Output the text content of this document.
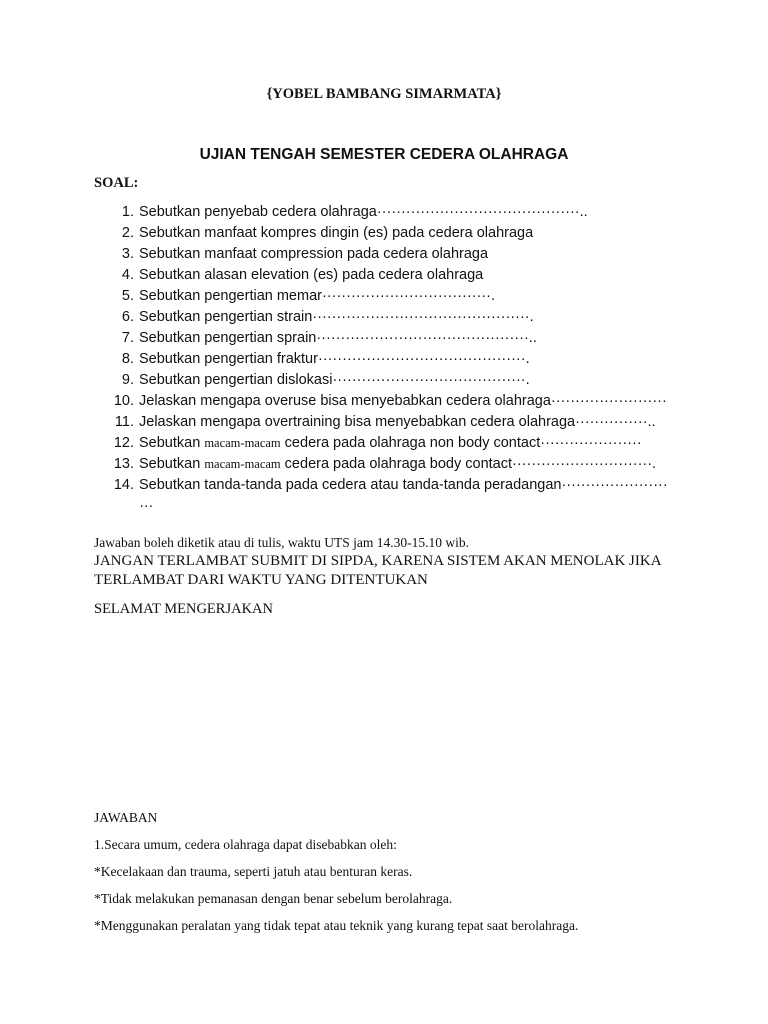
{YOBEL BAMBANG SIMARMATA}
UJIAN TENGAH SEMESTER CEDERA OLAHRAGA
SOAL:
1. Sebutkan penyebab cedera olahraga··········································..
2. Sebutkan manfaat kompres dingin (es) pada cedera olahraga
3. Sebutkan manfaat compression pada cedera olahraga
4. Sebutkan alasan elevation (es) pada cedera olahraga
5. Sebutkan pengertian memar···································.
6. Sebutkan pengertian strain·············································.
7. Sebutkan pengertian sprain············································..
8. Sebutkan pengertian fraktur···········································.
9. Sebutkan pengertian dislokasi········································.
10. Jelaskan mengapa overuse bisa menyebabkan cedera olahraga························
11. Jelaskan mengapa overtraining bisa menyebabkan cedera olahraga···············..
12. Sebutkan macam-macam cedera pada olahraga non body contact·····················
13. Sebutkan macam-macam cedera pada olahraga body contact·····························.
14. Sebutkan tanda-tanda pada cedera atau tanda-tanda peradangan······················
…
Jawaban boleh diketik atau di tulis, waktu UTS jam 14.30-15.10 wib.
JANGAN TERLAMBAT SUBMIT DI SIPDA, KARENA SISTEM AKAN MENOLAK JIKA
TERLAMBAT DARI WAKTU YANG DITENTUKAN
SELAMAT MENGERJAKAN
JAWABAN
1.Secara umum, cedera olahraga dapat disebabkan oleh:
*Kecelakaan dan trauma, seperti jatuh atau benturan keras.
*Tidak melakukan pemanasan dengan benar sebelum berolahraga.
*Menggunakan peralatan yang tidak tepat atau teknik yang kurang tepat saat berolahraga.
